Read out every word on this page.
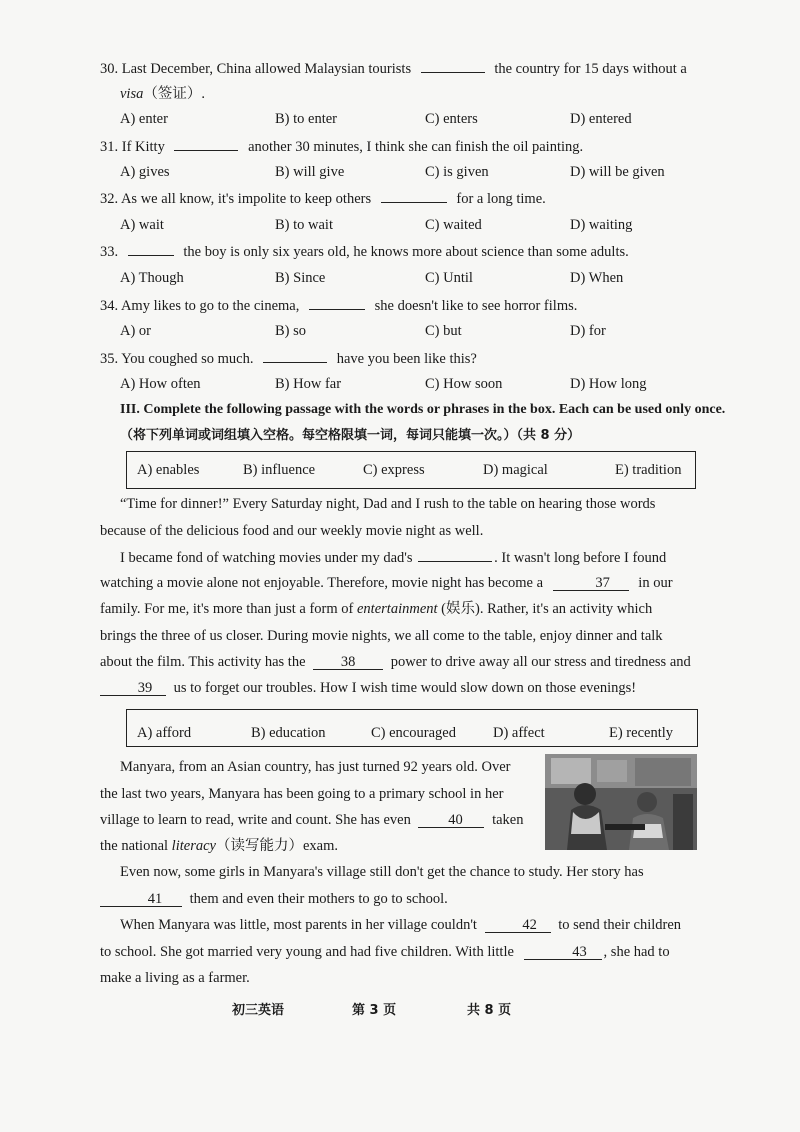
30. Last December, China allowed Malaysian tourists	the country for 15 days without a
visa（签证）.
A) enter	B) to enter	C) enters	D) entered
31. If Kitty	another 30 minutes, I think she can finish the oil painting.
A) gives	B) will give	C) is given	D) will be given
32. As we all know, it's impolite to keep others	for a long time.
A) wait	B) to wait	C) waited	D) waiting
33.	the boy is only six years old, he knows more about science than some adults.
A) Though	B) Since	C) Until	D) When
34. Amy likes to go to the cinema,	she doesn't like to see horror films.
A) or	B) so	C) but	D) for
35. You coughed so much.	have you been like this?
A) How often	B) How far	C) How soon	D) How long
III. Complete the following passage with the words or phrases in the box. Each can be used only once.
（将下列单词或词组填入空格。每空格限填一词，每词只能填一次。）（共 8 分）
A) enables	B) influence	C) express	D) magical	E) tradition
“Time for dinner!” Every Saturday night, Dad and I rush to the table on hearing those words
because of the delicious food and our weekly movie night as well.
I became fond of watching movies under my dad's	. It wasn't long before I found
watching a movie alone not enjoyable. Therefore, movie night has become a	37 in our
family. For me, it's more than just a form of entertainment (娱乐). Rather, it's an activity which
brings the three of us closer. During movie nights, we all come to the table, enjoy dinner and talk
about the film. This activity has the 38 power to drive away all our stress and tiredness and
39 us to forget our troubles. How I wish time would slow down on those evenings!
A) afford	B) education	C) encouraged	D) affect	E) recently
Manyara, from an Asian country, has just turned 92 years old. Over
the last two years, Manyara has been going to a primary school in her
village to learn to read, write and count. She has even	40 taken
the national literacy（读写能力）exam.
Even now, some girls in Manyara's village still don't get the chance to study. Her story has
41 them and even their mothers to go to school.
When Manyara was little, most parents in her village couldn't	42 to send their children
to school. She got married very young and had five children. With little	43 , she had to
make a living as a farmer.
初三英语	第 3 页	共 8 页
